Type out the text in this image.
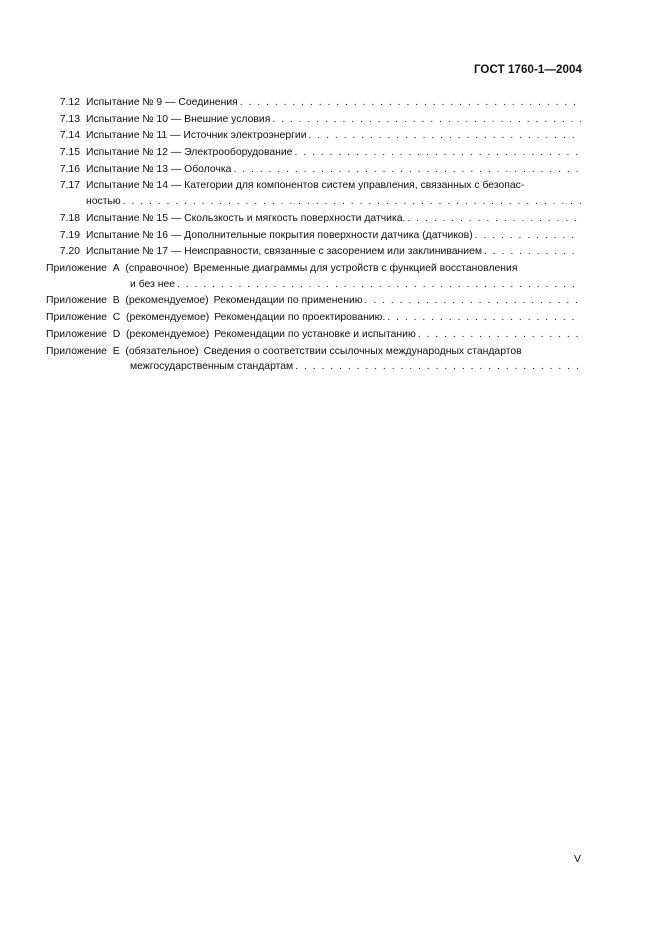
ГОСТ 1760-1—2004
7.12 Испытание № 9 — Соединения
. . .
7.13 Испытание № 10 — Внешние условия
. . .
7.14 Испытание № 11 — Источник электроэнергии
. . .
7.15 Испытание № 12 — Электрооборудование
. . .
7.16 Испытание № 13 — Оболочка
. . .
7.17 Испытание № 14 — Категории для компонентов систем управления, связанных с безопас-
ностью
. . .
7.18 Испытание № 15 — Скользкость и мягкость поверхности датчика.
. . .
7.19 Испытание № 16 — Дополнительные покрытия поверхности датчика (датчиков)
. . .
7.20 Испытание № 17 — Неисправности, связанные с засорением или заклиниванием
. . .
Приложение  А  (справочное) Временные диаграммы для устройств с функцией восстановления
и без нее
. . .
Приложение  В  (рекомендуемое) Рекомендации по применению
. . .
Приложение  С  (рекомендуемое) Рекомендации по проектированию.
. . .
Приложение  D  (рекомендуемое) Рекомендации по установке и испытанию
. . .
Приложение  Е  (обязательное) Сведения о соответствии ссылочных международных стандартов
межгосударственным стандартам
. . .
V
